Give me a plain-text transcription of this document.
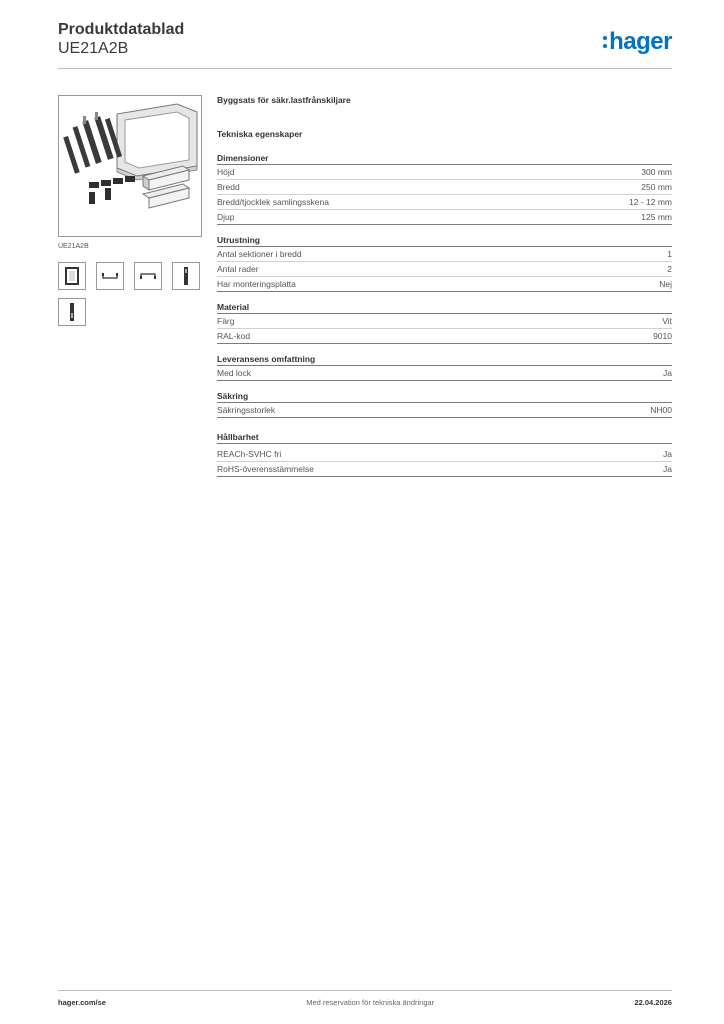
Produktdatablad
UE21A2B	hager
UE21A2B
Byggsats för säkr.lastfrånskiljare
Tekniska egenskaper
Dimensioner
Höjd	300 mm
Bredd	250 mm
Bredd/tjocklek samlingsskena	12 - 12 mm
Djup	125 mm
Utrustning
Antal sektioner i bredd	1
Antal rader	2
Har monteringsplatta	Nej
Material
Färg	Vit
RAL-kod	9010
Leveransens omfattning
Med lock	Ja
Säkring
Säkringsstorlek	NH00
Hållbarhet
REACh-SVHC fri	Ja
RoHS-överensstämmelse	Ja
hager.com/se	Med reservation för tekniska ändringar	22.04.2026
